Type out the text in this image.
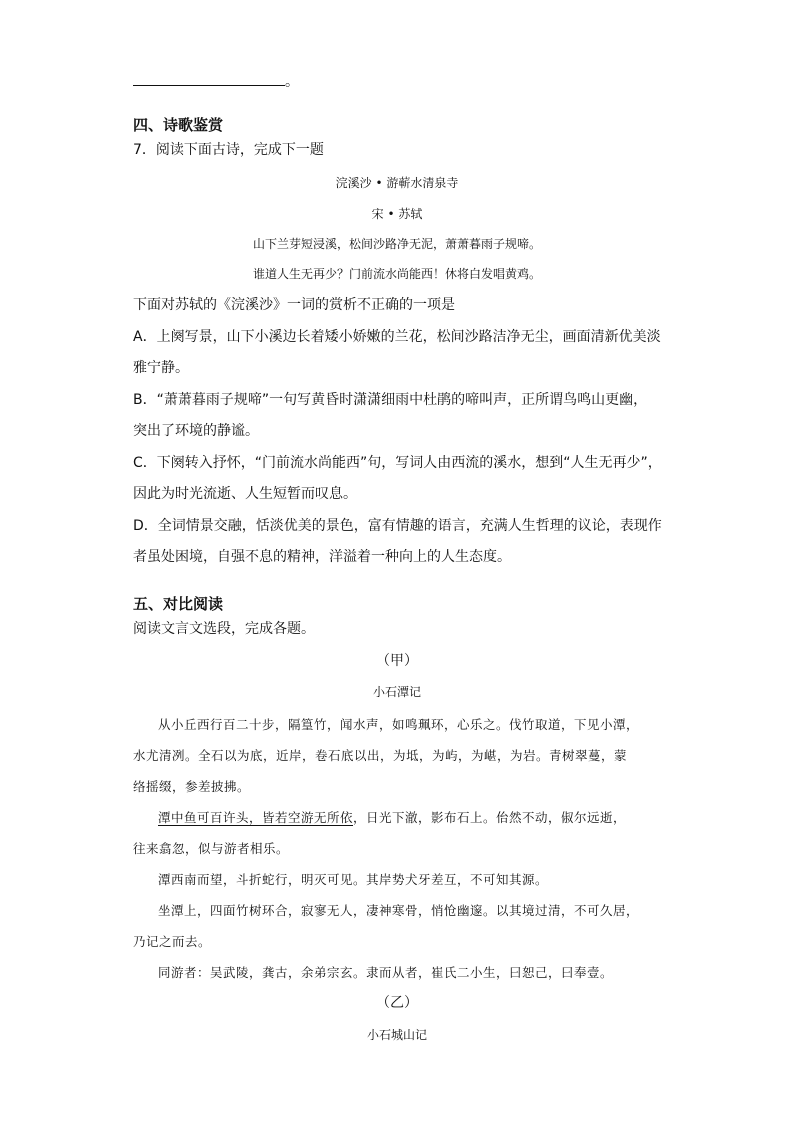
。
四、诗歌鉴赏
7．阅读下面古诗，完成下一题
浣溪沙 • 游蕲水清泉寺
宋 • 苏轼
山下兰芽短浸溪，松间沙路净无泥，萧萧暮雨子规啼。
谁道人生无再少？门前流水尚能西！休将白发唱黄鸡。
下面对苏轼的《浣溪沙》一词的赏析不正确的一项是
A．上阕写景，山下小溪边长着矮小娇嫩的兰花，松间沙路洁净无尘，画面清新优美淡
雅宁静。
B．“萧萧暮雨子规啼”一句写黄昏时潇潇细雨中杜鹃的啼叫声，正所谓鸟鸣山更幽，
突出了环境的静谧。
C．下阕转入抒怀，“门前流水尚能西”句，写词人由西流的溪水，想到“人生无再少”，
因此为时光流逝、人生短暂而叹息。
D．全词情景交融，恬淡优美的景色，富有情趣的语言，充满人生哲理的议论，表现作
者虽处困境，自强不息的精神，洋溢着一种向上的人生态度。
五、对比阅读
阅读文言文选段，完成各题。
（甲）
小石潭记
从小丘西行百二十步，隔篁竹，闻水声，如鸣珮环，心乐之。伐竹取道，下见小潭，
水尤清冽。全石以为底，近岸，卷石底以出，为坻，为屿，为嵁，为岩。青树翠蔓，蒙
络摇缀，参差披拂。
潭中鱼可百许头，皆若空游无所依，日光下澈，影布石上。佁然不动，俶尔远逝，
往来翕忽，似与游者相乐。
潭西南而望，斗折蛇行，明灭可见。其岸势犬牙差互，不可知其源。
坐潭上，四面竹树环合，寂寥无人，凄神寒骨，悄怆幽邃。以其境过清，不可久居，
乃记之而去。
同游者：吴武陵，龚古，余弟宗玄。隶而从者，崔氏二小生，曰恕己，曰奉壹。
（乙）
小石城山记
